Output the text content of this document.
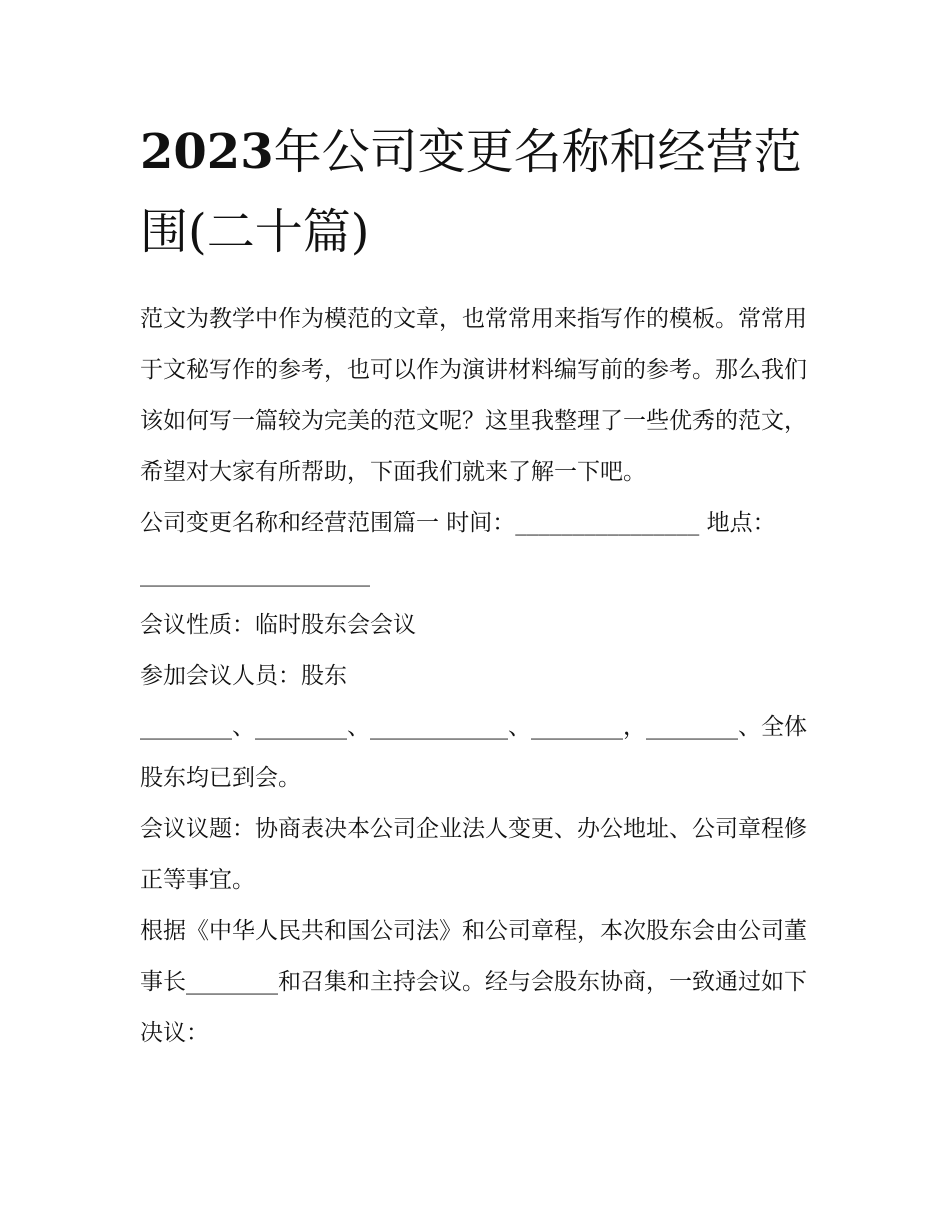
2023年公司变更名称和经营范围(二十篇)

范文为教学中作为模范的文章，也常常用来指写作的模板。常常用于文秘写作的参考，也可以作为演讲材料编写前的参考。那么我们该如何写一篇较为完美的范文呢？这里我整理了一些优秀的范文，希望对大家有所帮助，下面我们就来了解一下吧。

公司变更名称和经营范围篇一 时间：________________ 地点：____________________

会议性质：临时股东会会议

参加会议人员：股东

________、________、____________、________，________、全体股东均已到会。

会议议题：协商表决本公司企业法人变更、办公地址、公司章程修正等事宜。

根据《中华人民共和国公司法》和公司章程，本次股东会由公司董事长________和召集和主持会议。经与会股东协商，一致通过如下决议：
